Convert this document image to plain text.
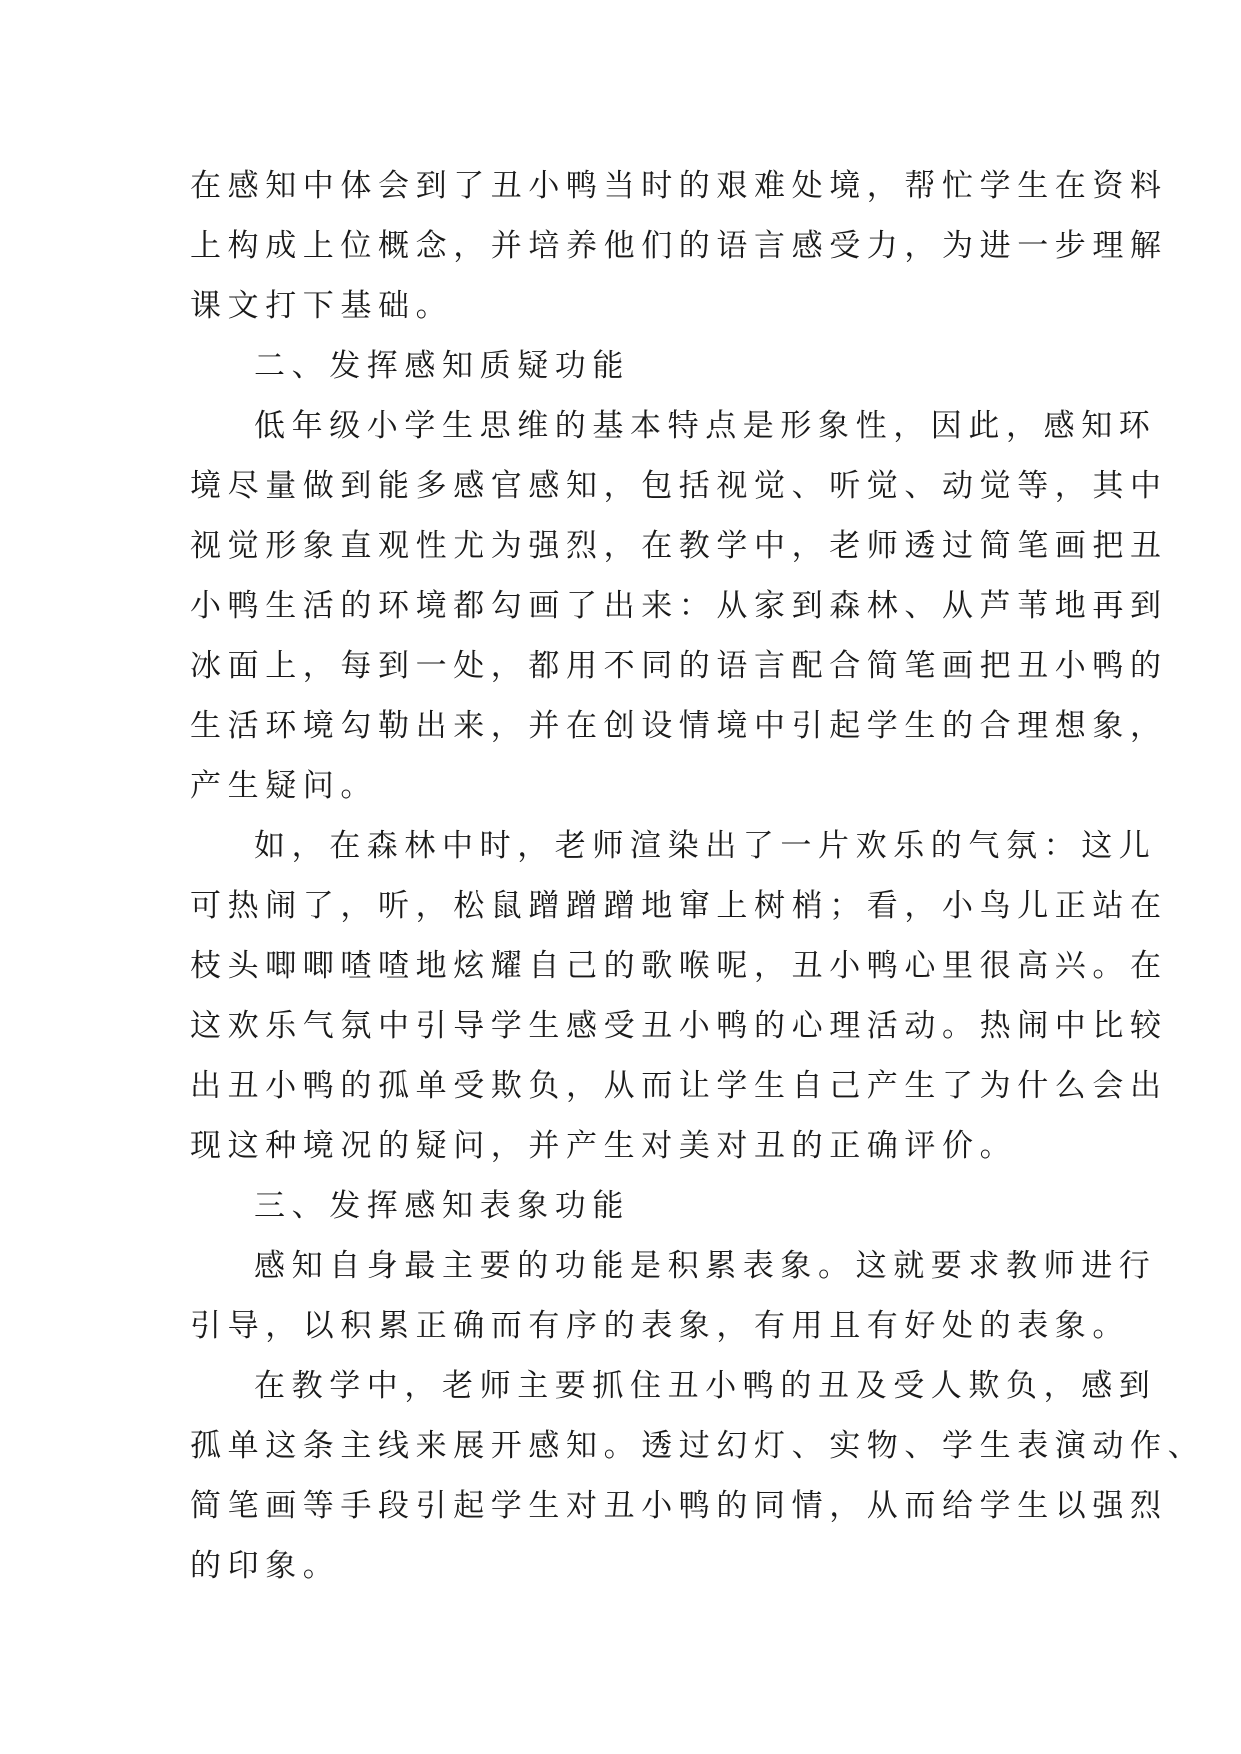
在感知中体会到了丑小鸭当时的艰难处境，帮忙学生在资料
上构成上位概念，并培养他们的语言感受力，为进一步理解
课文打下基础。
二、发挥感知质疑功能
低年级小学生思维的基本特点是形象性，因此，感知环
境尽量做到能多感官感知，包括视觉、听觉、动觉等，其中
视觉形象直观性尤为强烈，在教学中，老师透过简笔画把丑
小鸭生活的环境都勾画了出来：从家到森林、从芦苇地再到
冰面上，每到一处，都用不同的语言配合简笔画把丑小鸭的
生活环境勾勒出来，并在创设情境中引起学生的合理想象，
产生疑问。
如，在森林中时，老师渲染出了一片欢乐的气氛：这儿
可热闹了，听，松鼠蹭蹭蹭地窜上树梢；看，小鸟儿正站在
枝头唧唧喳喳地炫耀自己的歌喉呢，丑小鸭心里很高兴。在
这欢乐气氛中引导学生感受丑小鸭的心理活动。热闹中比较
出丑小鸭的孤单受欺负，从而让学生自己产生了为什么会出
现这种境况的疑问，并产生对美对丑的正确评价。
三、发挥感知表象功能
感知自身最主要的功能是积累表象。这就要求教师进行
引导，以积累正确而有序的表象，有用且有好处的表象。
在教学中，老师主要抓住丑小鸭的丑及受人欺负，感到
孤单这条主线来展开感知。透过幻灯、实物、学生表演动作、
简笔画等手段引起学生对丑小鸭的同情，从而给学生以强烈
的印象。
